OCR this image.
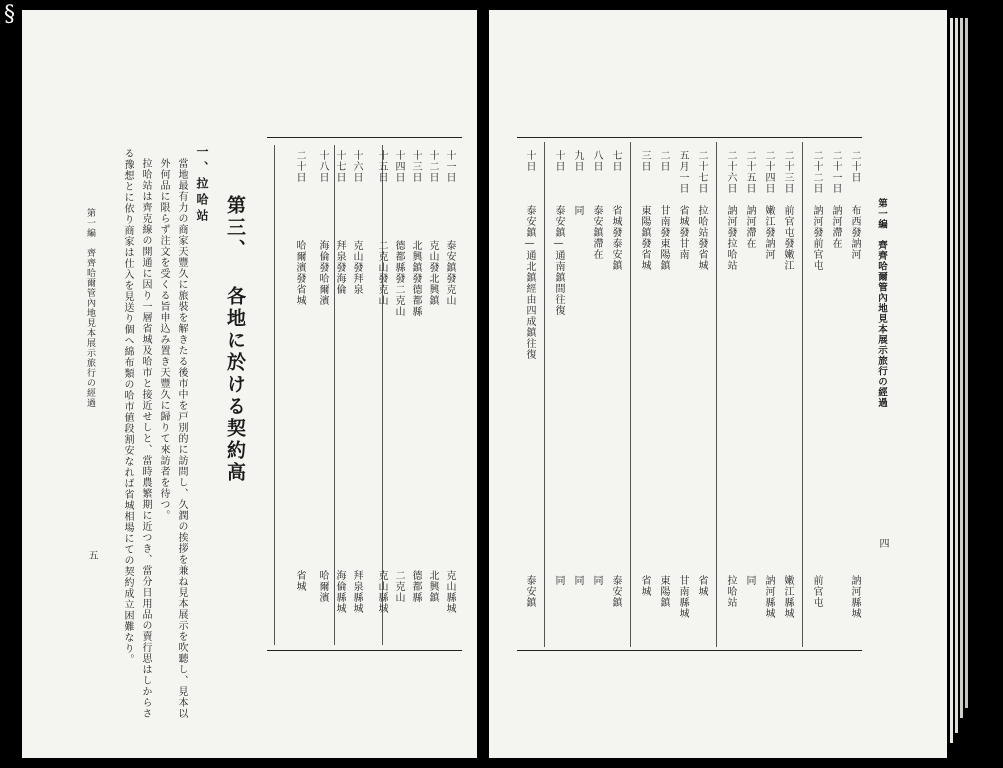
§
十一日
泰安鎮發克山
克山縣城
十二日
克山發北興鎮
北興鎮
十三日
北興鎮發德都縣
德都縣
十四日
德都縣發二克山
二克山
十五日
二克山發克山
克山縣城
十六日
克山發拜泉
拜泉縣城
十七日
拜泉發海倫
海倫縣城
十八日
海倫發哈爾濱
哈爾濱
二十日
哈爾濱發省城
省城
第三、 各地に於ける契約高
一、拉哈站
當地最有力の商家天豐久に旅裝を解きたる後市中を戸別的に訪問し、久潤の挨拶を兼ね見本展示を吹聽し、見本以
外何品に限らず注文を受くる旨申込み置き天豐久に歸りて來訪者を待つ。
拉哈站は齊克線の開通に因り一層省城及哈市と接近せしと、當時農繁期に近つき、當分日用品の賣行思はしからさ
る豫想とに依り商家は仕入を見送り個へ綿布類の哈市値段割安なれば省城相場にての契約成立困難なり。
第一編　齊齊哈爾管內地見本展示旅行の經過
五
第一編　齊齊哈爾管內地見本展示旅行の經過
四
二十日
布西發訥河
訥河縣城
二十一日
訥河滯在
二十二日
訥河發前官屯
前官屯
二十三日
前官屯發嫩江
嫩江縣城
二十四日
嫩江發訥河
訥河縣城
二十五日
訥河滯在
同
二十六日
訥河發拉哈站
拉哈站
二十七日
拉哈站發省城
省城
五月一日
省城發甘南
甘南縣城
二日
甘南發東陽鎮
東陽鎮
三日
東陽鎮發省城
省城
七日
省城發泰安鎮
泰安鎮
八日
泰安鎮滯在
同
九日
同
同
十日
泰安鎮—通南鎮間往復
同
十日
泰安鎮—通北鎮經由四成鎮往復
泰安鎮
